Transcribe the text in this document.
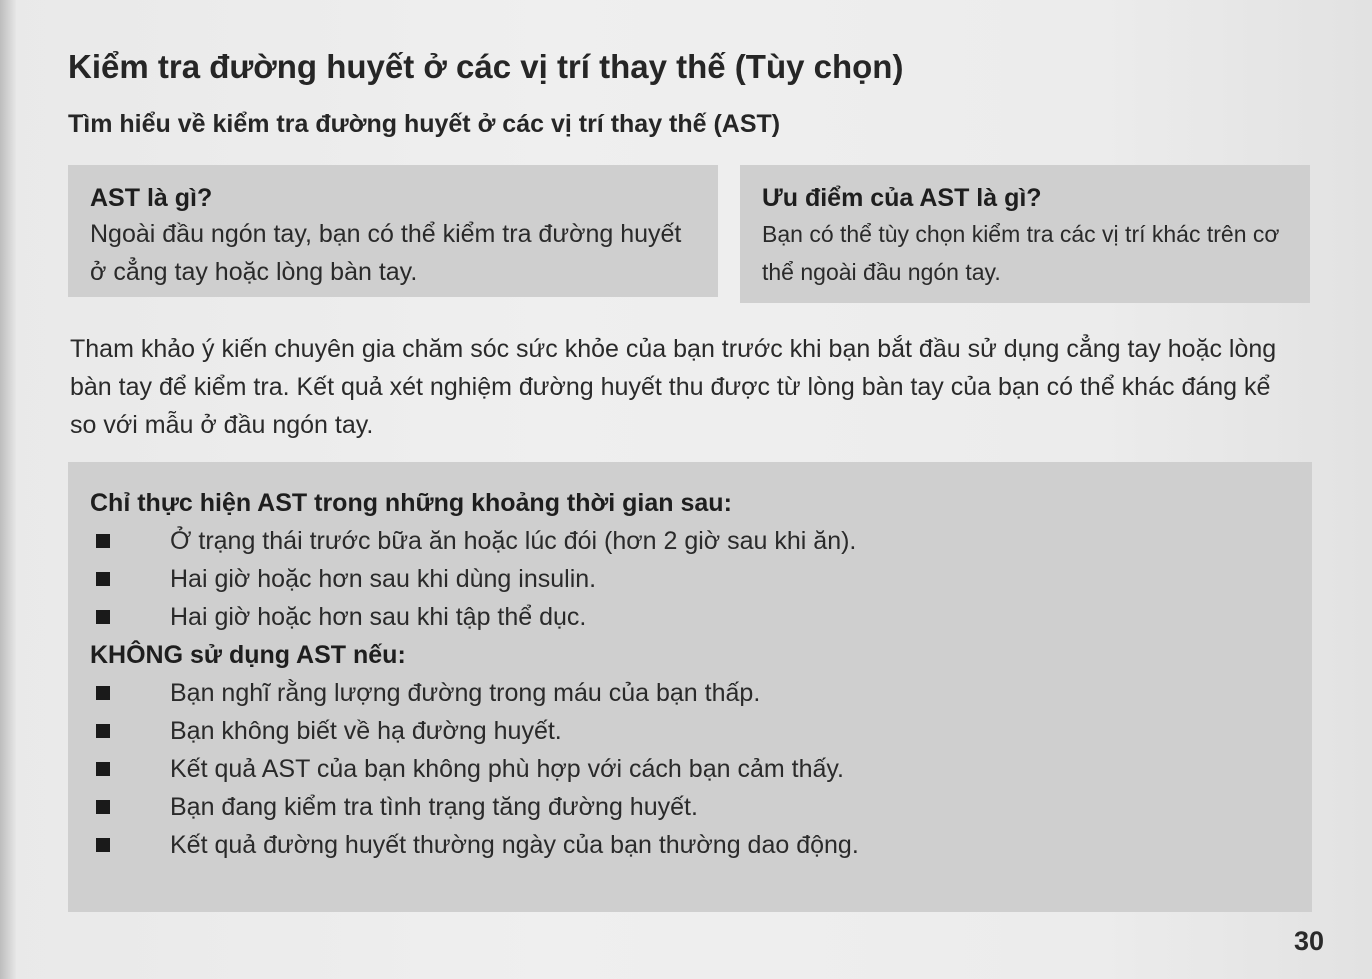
Kiểm tra đường huyết ở các vị trí thay thế (Tùy chọn)
Tìm hiểu về kiểm tra đường huyết ở các vị trí thay thế (AST)
AST là gì?
Ngoài đầu ngón tay, bạn có thể kiểm tra đường huyết ở cẳng tay hoặc lòng bàn tay.
Ưu điểm của AST là gì?
Bạn có thể tùy chọn kiểm tra các vị trí khác trên cơ thể ngoài đầu ngón tay.
Tham khảo ý kiến chuyên gia chăm sóc sức khỏe của bạn trước khi bạn bắt đầu sử dụng cẳng tay hoặc lòng bàn tay để kiểm tra. Kết quả xét nghiệm đường huyết thu được từ lòng bàn tay của bạn có thể khác đáng kể so với mẫu ở đầu ngón tay.
Chỉ thực hiện AST trong những khoảng thời gian sau:
Ở trạng thái trước bữa ăn hoặc lúc đói (hơn 2 giờ sau khi ăn).
Hai giờ hoặc hơn sau khi dùng insulin.
Hai giờ hoặc hơn sau khi tập thể dục.
KHÔNG sử dụng AST nếu:
Bạn nghĩ rằng lượng đường trong máu của bạn thấp.
Bạn không biết về hạ đường huyết.
Kết quả AST của bạn không phù hợp với cách bạn cảm thấy.
Bạn đang kiểm tra tình trạng tăng đường huyết.
Kết quả đường huyết thường ngày của bạn thường dao động.
30
